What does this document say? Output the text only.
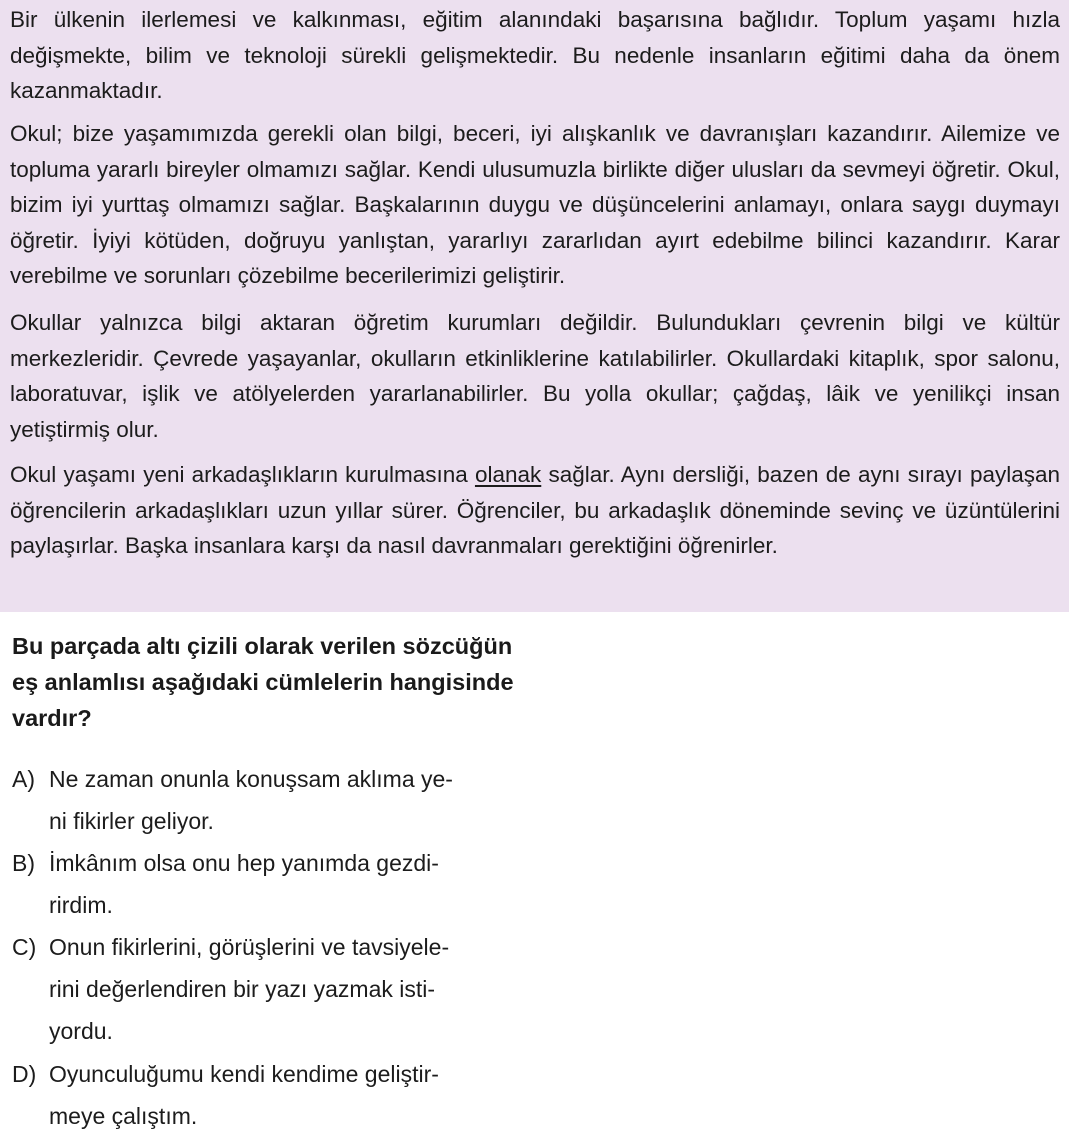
Bir ülkenin ilerlemesi ve kalkınması, eğitim alanındaki başarısına bağlıdır. Toplum yaşamı hızla değişmekte, bilim ve teknoloji sürekli gelişmektedir. Bu nedenle insanların eğitimi daha da önem kazanmaktadır.

Okul; bize yaşamımızda gerekli olan bilgi, beceri, iyi alışkanlık ve davranışları kazandırır. Ailemize ve topluma yararlı bireyler olmamızı sağlar. Kendi ulusumuzla birlikte diğer ulusları da sevmeyi öğretir. Okul, bizim iyi yurttaş olmamızı sağlar. Başkalarının duygu ve düşüncelerini anlamayı, onlara saygı duymayı öğretir. İyiyi kötüden, doğruyu yanlıştan, yararlıyı zararlıdan ayırt edebilme bilinci kazandırır. Karar verebilme ve sorunları çözebilme becerilerimizi geliştirir.

Okullar yalnızca bilgi aktaran öğretim kurumları değildir. Bulundukları çevrenin bilgi ve kültür merkezleridir. Çevrede yaşayanlar, okulların etkinliklerine katılabilirler. Okullardaki kitaplık, spor salonu, laboratuvar, işlik ve atölyelerden yararlanabilirler. Bu yolla okullar; çağdaş, lâik ve yenilikçi insan yetiştirmiş olur.

Okul yaşamı yeni arkadaşlıkların kurulmasına olanak sağlar. Aynı dersliği, bazen de aynı sırayı paylaşan öğrencilerin arkadaşlıkları uzun yıllar sürer. Öğrenciler, bu arkadaşlık döneminde sevinç ve üzüntülerini paylaşırlar. Başka insanlara karşı da nasıl davranmaları gerektiğini öğrenirler.

Bu parçada altı çizili olarak verilen sözcüğün eş anlamlısı aşağıdaki cümlelerin hangisinde vardır?

A) Ne zaman onunla konuşsam aklıma ye-
ni fikirler geliyor.
B) İmkânım olsa onu hep yanımda gezdi-
rirdim.
C) Onun fikirlerini, görüşlerini ve tavsiyele-
rini değerlendiren bir yazı yazmak isti-
yordu.
D) Oyunculuğumu kendi kendime geliştir-
meye çalıştım.
